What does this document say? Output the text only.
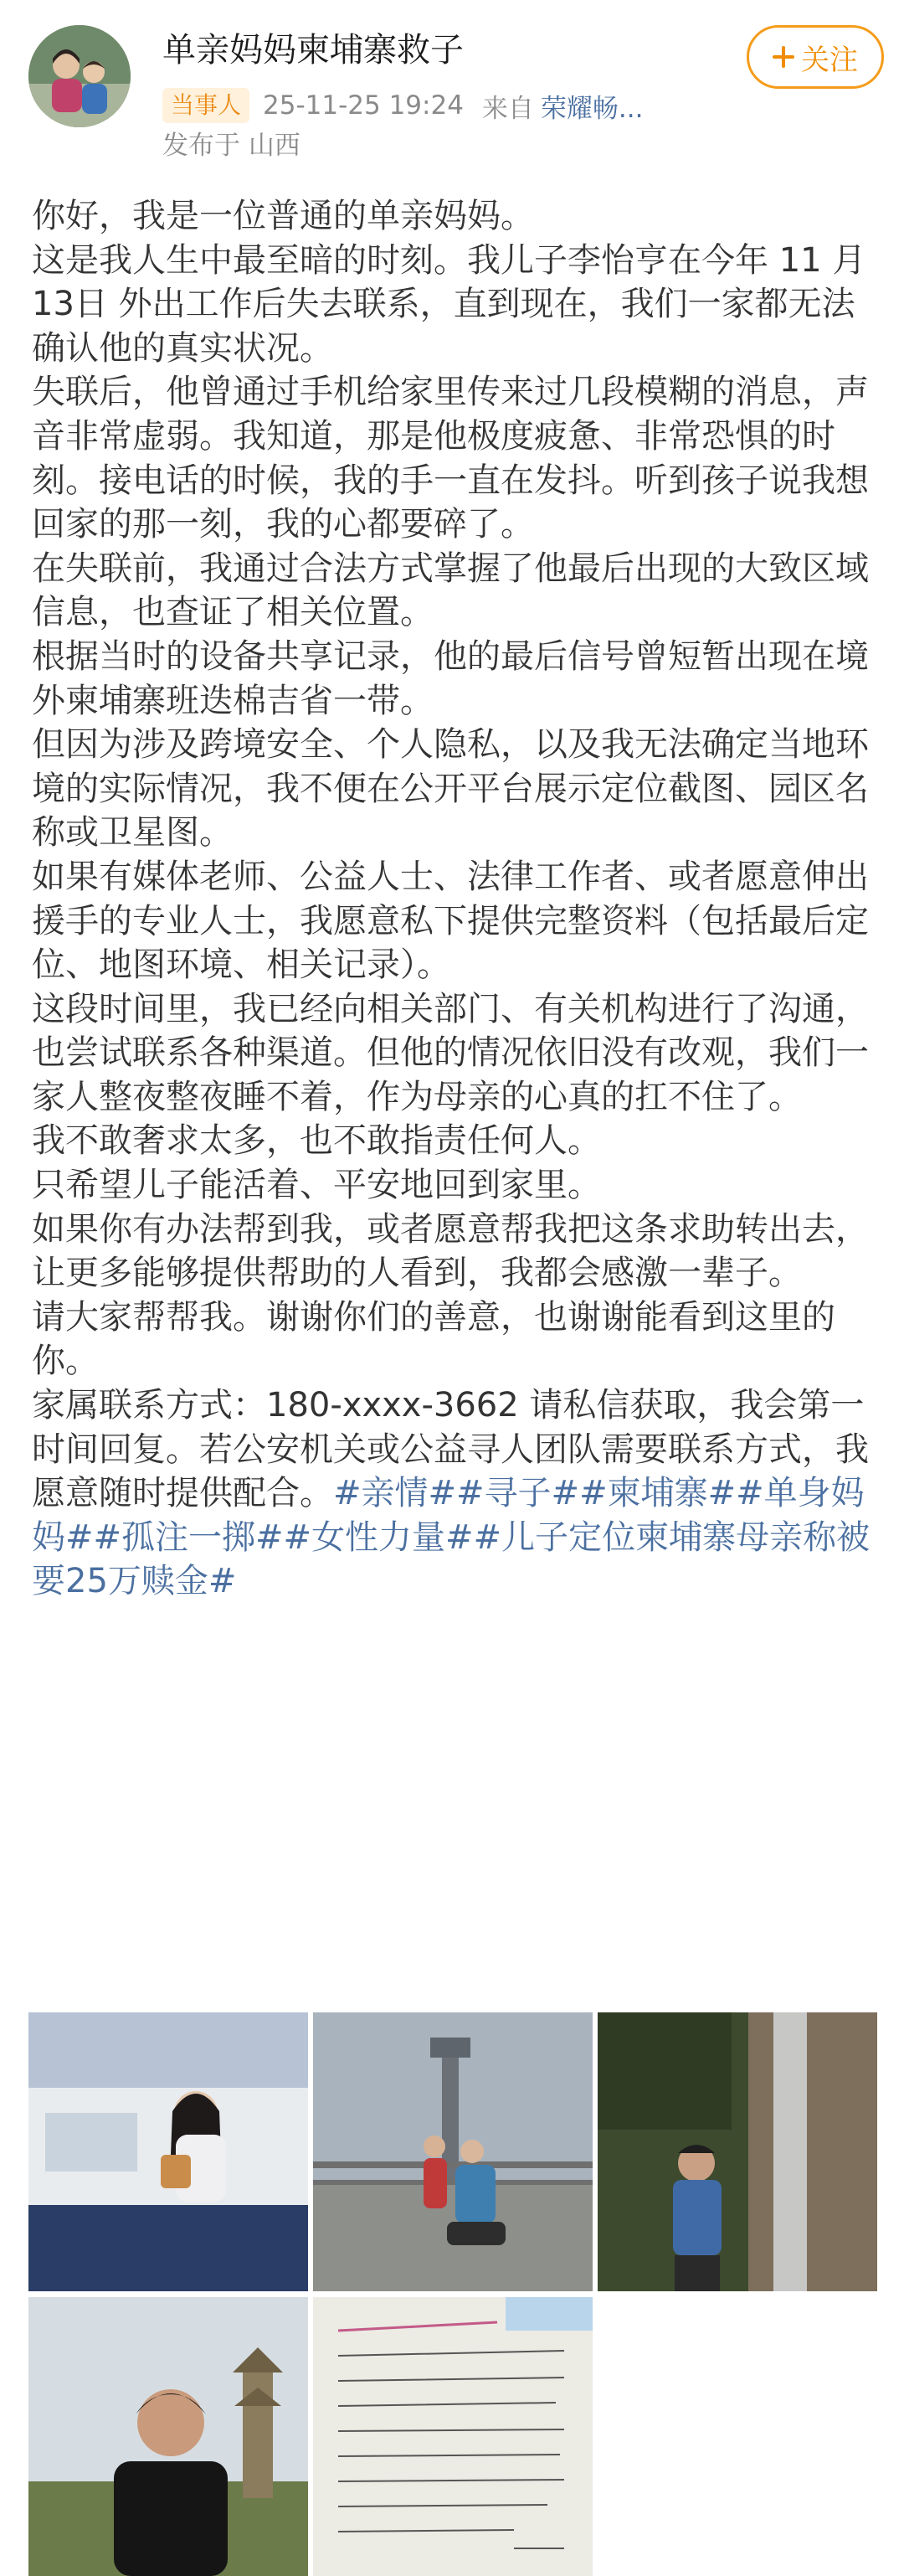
单亲妈妈柬埔寨救子
当事人 25-11-25 19:24 来自 荣耀畅...
发布于 山西
关注

你好，我是一位普通的单亲妈妈。

这是我人生中最至暗的时刻。我儿子李怡亨在今年 11 月 13日 外出工作后失去联系，直到现在，我们一家都无法确认他的真实状况。

失联后，他曾通过手机给家里传来过几段模糊的消息，声音非常虚弱。我知道，那是他极度疲惫、非常恐惧的时刻。接电话的时候，我的手一直在发抖。听到孩子说我想回家的那一刻，我的心都要碎了。

在失联前，我通过合法方式掌握了他最后出现的大致区域信息，也查证了相关位置。

根据当时的设备共享记录，他的最后信号曾短暂出现在境外柬埔寨班迭棉吉省一带。

但因为涉及跨境安全、个人隐私，以及我无法确定当地环境的实际情况，我不便在公开平台展示定位截图、园区名称或卫星图。

如果有媒体老师、公益人士、法律工作者、或者愿意伸出援手的专业人士，我愿意私下提供完整资料（包括最后定位、地图环境、相关记录）。

这段时间里，我已经向相关部门、有关机构进行了沟通，也尝试联系各种渠道。但他的情况依旧没有改观，我们一家人整夜整夜睡不着，作为母亲的心真的扛不住了。

我不敢奢求太多，也不敢指责任何人。

只希望儿子能活着、平安地回到家里。

如果你有办法帮到我，或者愿意帮我把这条求助转出去，让更多能够提供帮助的人看到，我都会感激一辈子。

请大家帮帮我。谢谢你们的善意，也谢谢能看到这里的你。

家属联系方式：180-xxxx-3662 请私信获取，我会第一时间回复。若公安机关或公益寻人团队需要联系方式，我愿意随时提供配合。#亲情##寻子##柬埔寨##单身妈妈##孤注一掷##女性力量##儿子定位柬埔寨母亲称被要25万赎金#
